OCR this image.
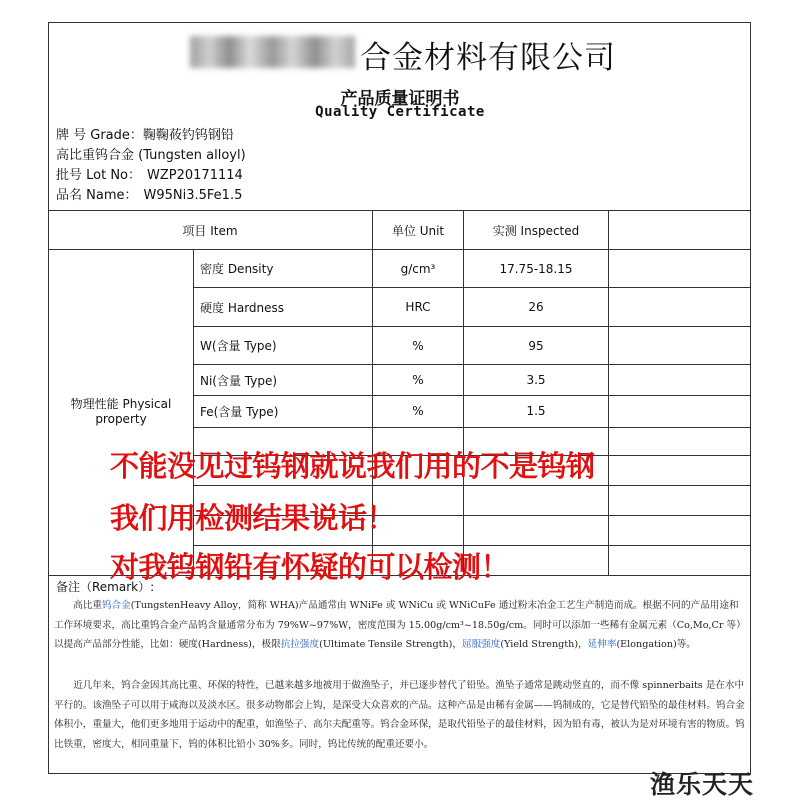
合金材料有限公司
产品质量证明书
Quality Certificate
牌 号 Grade：鞠鞠莜钓钨钢铅
高比重钨合金 (Tungsten alloyl)
批号 Lot No： WZP20171114
品名 Name： W95Ni3.5Fe1.5
项目 Item	单位 Unit	实测 Inspected
物理性能 Physical property
密度 Density	g/cm³	17.75-18.15
硬度 Hardness	HRC	26
W(含量 Type)	%	95
Ni(含量 Type)	%	3.5
Fe(含量 Type)	%	1.5
备注（Remark）:
高比重钨合金(TungstenHeavy Alloy，简称 WHA)产品通常由 WNiFe 或 WNiCu 或 WNiCuFe 通过粉末冶金工艺生产制造而成。根据不同的产品用途和工作环境要求，高比重钨合金产品钨含量通常分布为 79%W~97%W，密度范围为 15.00g/cm³~18.50g/cm。同时可以添加一些稀有金属元素（Co,Mo,Cr 等）以提高产品部分性能，比如：硬度(Hardness)，极限抗拉强度(Ultimate Tensile Strength)，屈服强度(Yield Strength)，延伸率(Elongation)等。
近几年来，钨合金因其高比重、环保的特性，已越来越多地被用于做渔坠子，并已逐步替代了铅坠。渔坠子通常是跳动竖直的，而不像 spinnerbaits 是在水中平行的。该渔坠子可以用于咸海以及淡水区。很多动物都会上钩，是深受大众喜欢的产品。这种产品是由稀有金属——钨制成的，它是替代铅坠的最佳材料。钨合金体积小，重量大，他们更多地用于运动中的配重，如渔坠子、高尔夫配重等。钨合金环保，是取代铅坠子的最佳材料，因为铅有毒，被认为是对环境有害的物质。钨比铁重，密度大，相同重量下，钨的体积比铅小 30%多。同时，钨比传统的配重还要小。
不能没见过钨钢就说我们用的不是钨钢
我们用检测结果说话！
对我钨钢铅有怀疑的可以检测！
渔乐天天
